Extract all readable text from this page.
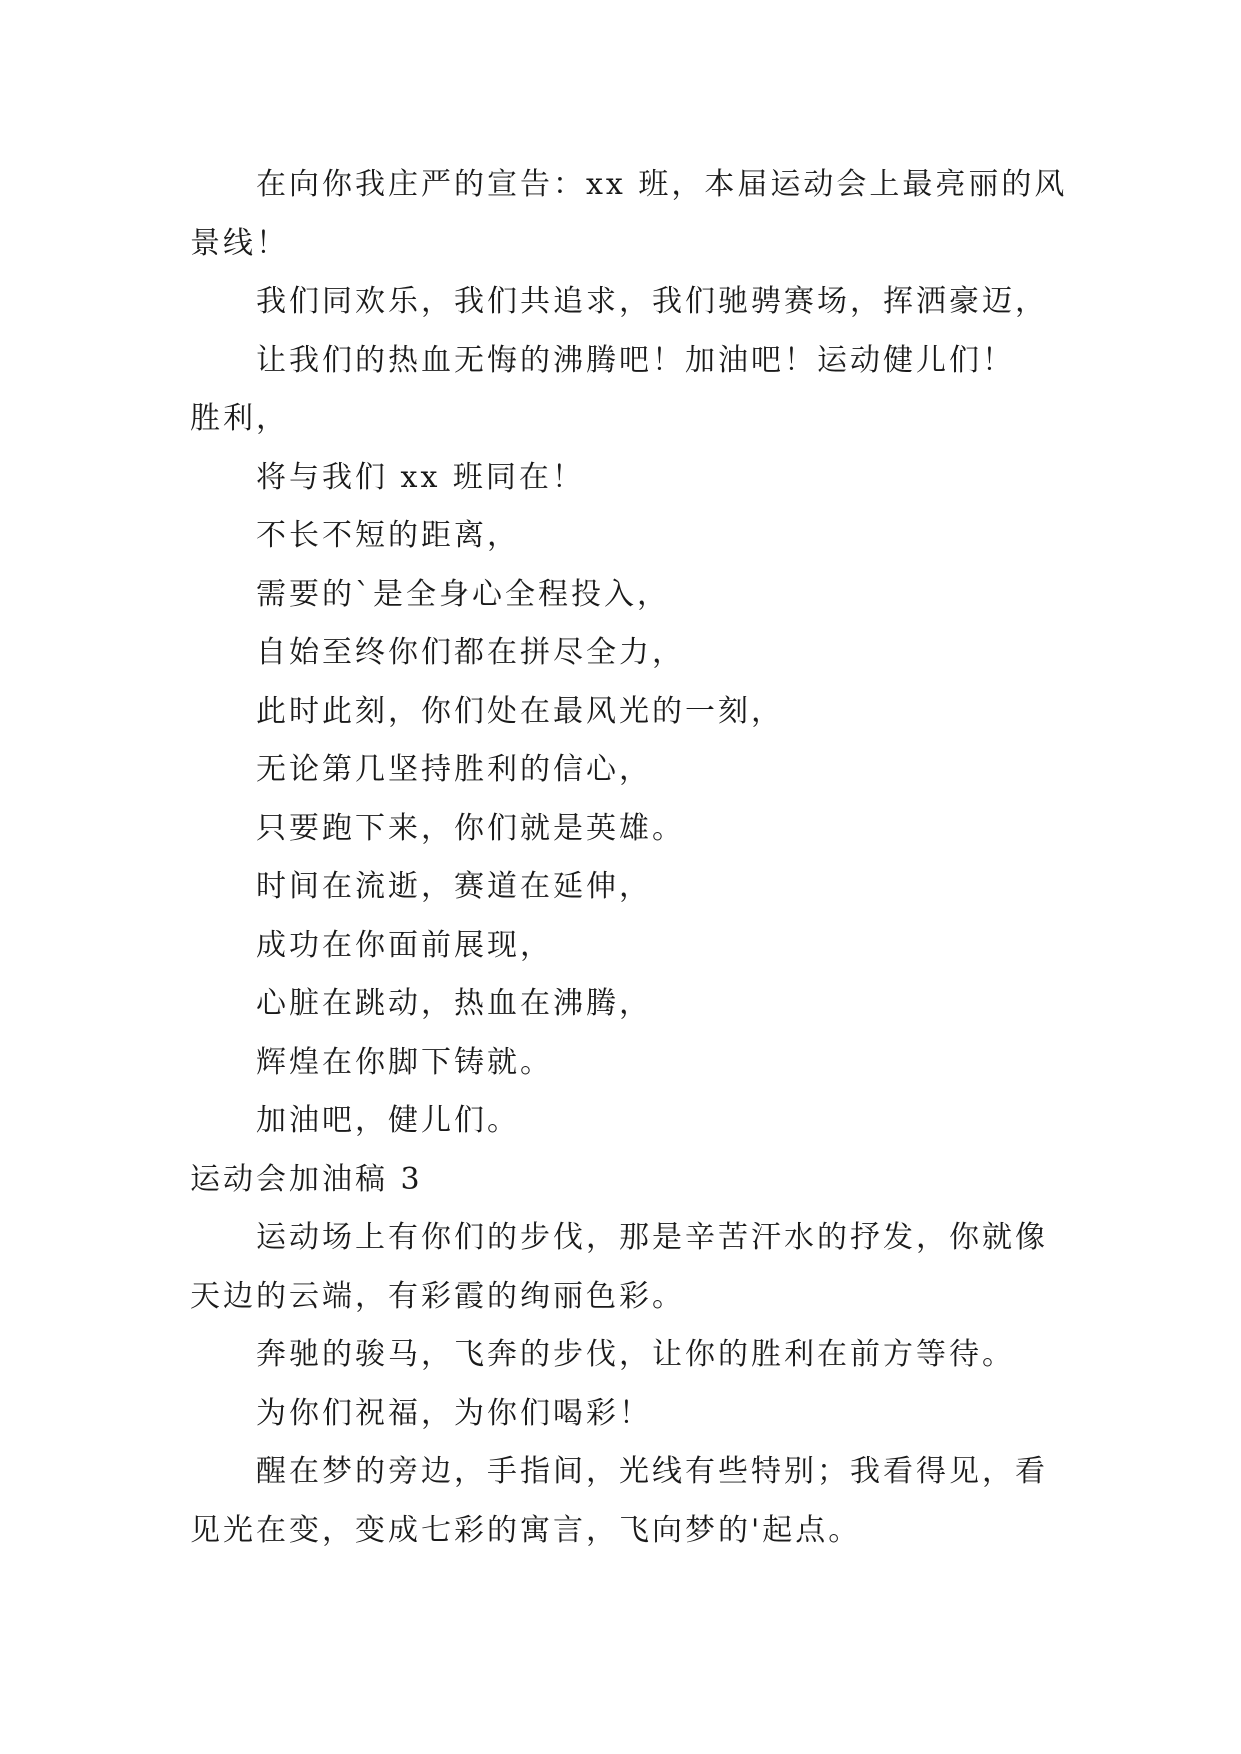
在向你我庄严的宣告：xx 班，本届运动会上最亮丽的风
景线！
我们同欢乐，我们共追求，我们驰骋赛场，挥洒豪迈，
让我们的热血无悔的沸腾吧！加油吧！运动健儿们！
胜利，
将与我们 xx 班同在！
不长不短的距离，
需要的`是全身心全程投入，
自始至终你们都在拼尽全力，
此时此刻，你们处在最风光的一刻，
无论第几坚持胜利的信心，
只要跑下来，你们就是英雄。
时间在流逝，赛道在延伸，
成功在你面前展现，
心脏在跳动，热血在沸腾，
辉煌在你脚下铸就。
加油吧，健儿们。
运动会加油稿 3
运动场上有你们的步伐，那是辛苦汗水的抒发，你就像
天边的云端，有彩霞的绚丽色彩。
奔驰的骏马，飞奔的步伐，让你的胜利在前方等待。
为你们祝福，为你们喝彩！
醒在梦的旁边，手指间，光线有些特别；我看得见，看
见光在变，变成七彩的寓言，飞向梦的'起点。
